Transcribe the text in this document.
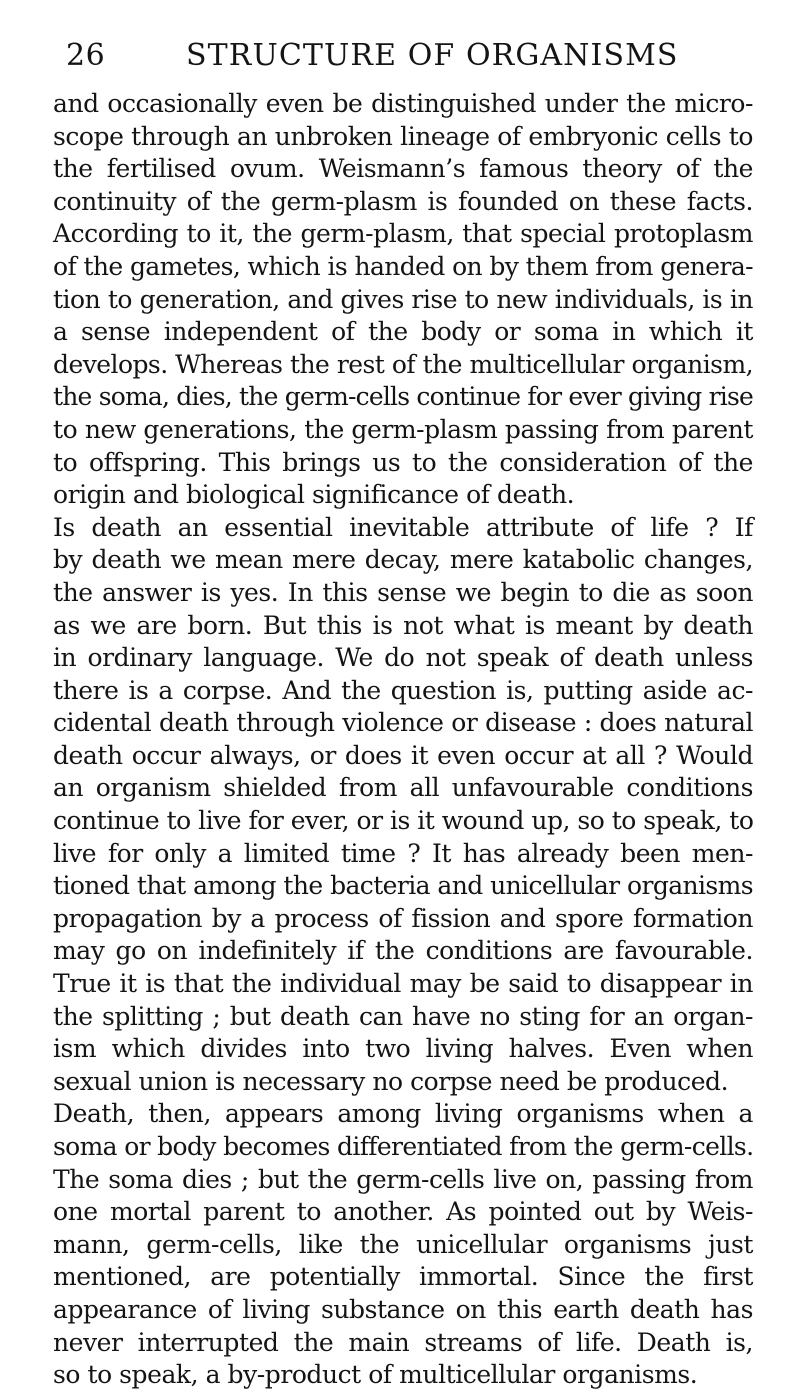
26	STRUCTURE OF ORGANISMS
and occasionally even be distinguished under the micro-
scope through an unbroken lineage of embryonic cells to
the fertilised ovum. Weismann’s famous theory of the
continuity of the germ-plasm is founded on these facts.
According to it, the germ-plasm, that special protoplasm
of the gametes, which is handed on by them from genera-
tion to generation, and gives rise to new individuals, is in
a sense independent of the body or soma in which it
develops. Whereas the rest of the multicellular organism,
the soma, dies, the germ-cells continue for ever giving rise
to new generations, the germ-plasm passing from parent
to offspring. This brings us to the consideration of the
origin and biological significance of death.
Is death an essential inevitable attribute of life ? If
by death we mean mere decay, mere katabolic changes,
the answer is yes. In this sense we begin to die as soon
as we are born. But this is not what is meant by death
in ordinary language. We do not speak of death unless
there is a corpse. And the question is, putting aside ac-
cidental death through violence or disease : does natural
death occur always, or does it even occur at all ? Would
an organism shielded from all unfavourable conditions
continue to live for ever, or is it wound up, so to speak, to
live for only a limited time ? It has already been men-
tioned that among the bacteria and unicellular organisms
propagation by a process of fission and spore formation
may go on indefinitely if the conditions are favourable.
True it is that the individual may be said to disappear in
the splitting ; but death can have no sting for an organ-
ism which divides into two living halves. Even when
sexual union is necessary no corpse need be produced.
Death, then, appears among living organisms when a
soma or body becomes differentiated from the germ-cells.
The soma dies ; but the germ-cells live on, passing from
one mortal parent to another. As pointed out by Weis-
mann, germ-cells, like the unicellular organisms just
mentioned, are potentially immortal. Since the first
appearance of living substance on this earth death has
never interrupted the main streams of life. Death is,
so to speak, a by-product of multicellular organisms.
